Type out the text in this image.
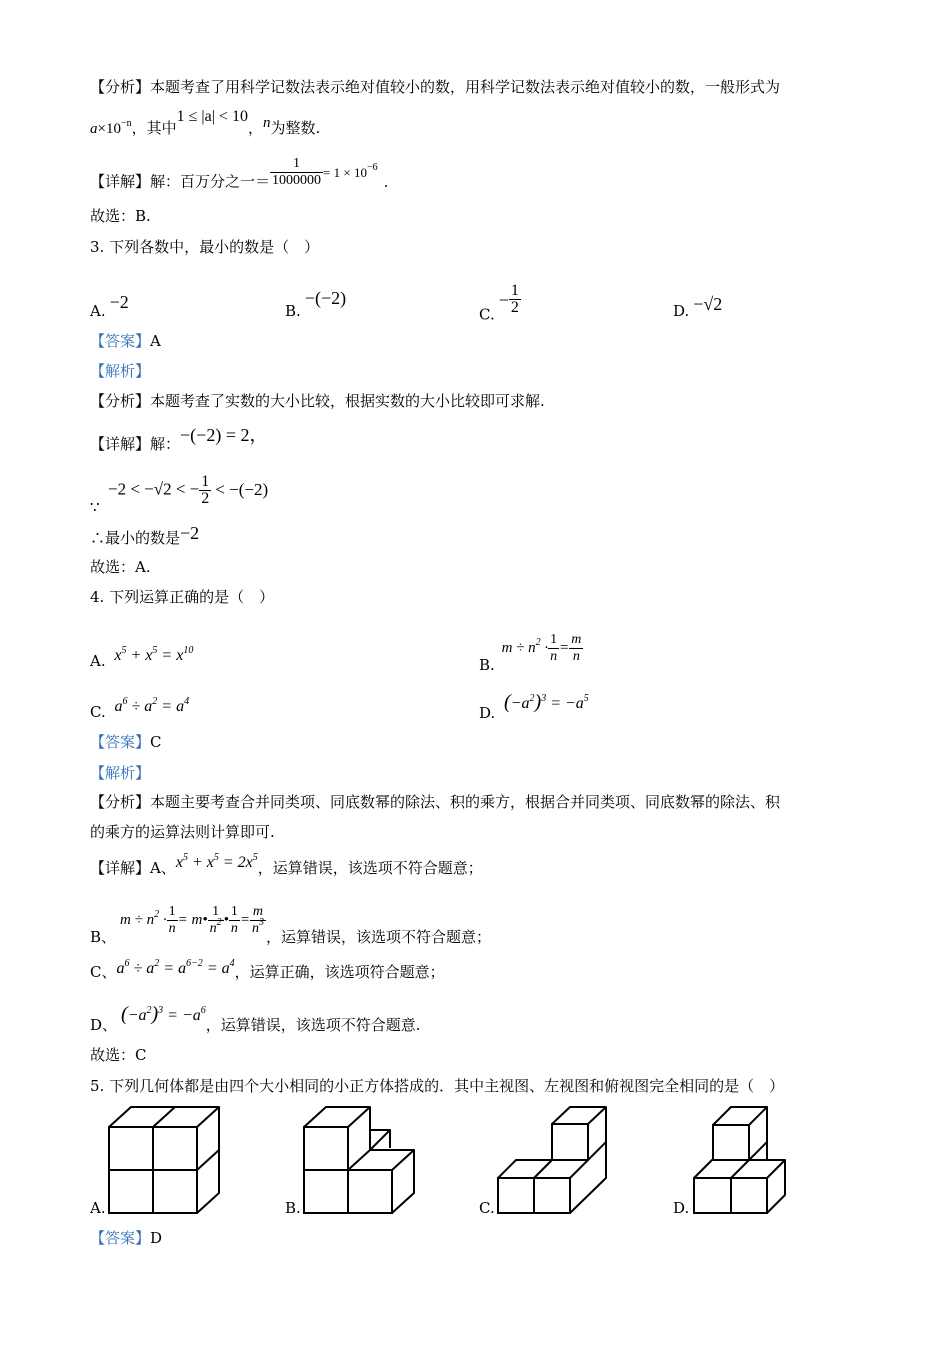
【分析】本题考查了用科学记数法表示绝对值较小的数，用科学记数法表示绝对值较小的数，一般形式为
$a\times 10^{-n}$，其中1 ≤ |a| < 10，n为整数.
【详解】解：百万分之一＝ $\frac{1}{1000000} = 1 \times 10^{-6}$.
故选：B.
3. 下列各数中，最小的数是（　）
A. −2	B.−(−2)
$C.- \frac{1}{2}$	D. −√2
【答案】A
【解析】
【分析】本题考查了实数的大小比较，根据实数的大小比较即可求解.
【详解】解：−(−2) = 2，
−2 < −√2 < − $\frac{1}{2} < -(-2)$
∵
∴最小的数是−2
故选：A.
4. 下列运算正确的是（　）
A. $x^5 + x^5 = x^{10}$
B. $m \div n^2 \cdot \frac{1}{n} = \frac{m}{n}$
C. $a^6 \div a^2 = a^4$
D. $(-a^2)^3 = -a^5$
【答案】C
【解析】
【分析】本题主要考查合并同类项、同底数幂的除法、积的乘方，根据合并同类项、同底数幂的除法、积
的乘方的运算法则计算即可.
【详解】A、$x^5 + x^5 = 2x^5$，运算错误，该选项不符合题意；
B、$m \div n^2 \cdot \frac{1}{n}$ = m• $\frac{1}{n^2}$ • $\frac{1}{n} = \frac{m}{n^3}$ ，运算错误，该选项不符合题意；
C、$a^6 \div a^2 = a^{6-2} = a^4$，运算正确，该选项符合题意；
D、 $(-a^2)^3 = -a^6$，运算错误，该选项不符合题意.
故选：C
5. 下列几何体都是由四个大小相同的小正方体搭成的．其中主视图、左视图和俯视图完全相同的是（　）
A.	B.	C.	D.
【答案】D
